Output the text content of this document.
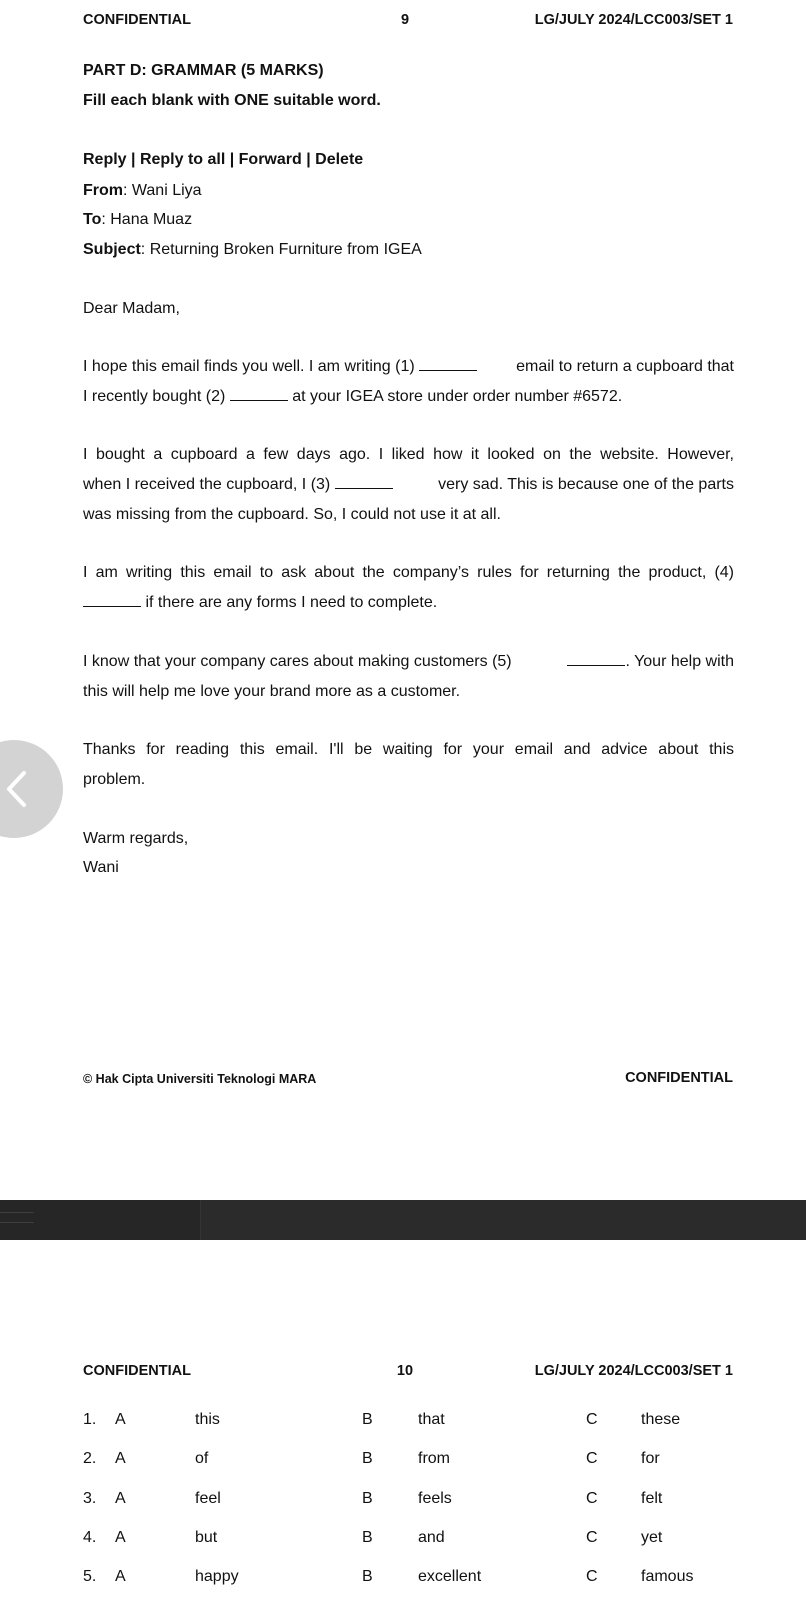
CONFIDENTIAL	9	LG/JULY 2024/LCC003/SET 1
PART D: GRAMMAR (5 MARKS)
Fill each blank with ONE suitable word.
Reply | Reply to all | Forward | Delete
From: Wani Liya
To: Hana Muaz
Subject: Returning Broken Furniture from IGEA
Dear Madam,
I hope this email finds you well. I am writing (1)	email to return a cupboard that
I recently bought (2)	at your IGEA store under order number #6572.
I bought a cupboard a few days ago. I liked how it looked on the website. However,
when I received the cupboard, I (3)	very sad. This is because one of the parts
was missing from the cupboard. So, I could not use it at all.
I am writing this email to ask about the company’s rules for returning the product, (4)
if there are any forms I need to complete.
I know that your company cares about making customers (5)	. Your help with
this will help me love your brand more as a customer.
Thanks for reading this email. I'll be waiting for your email and advice about this
problem.
Warm regards,
Wani
© Hak Cipta Universiti Teknologi MARA	CONFIDENTIAL
CONFIDENTIAL	10	LG/JULY 2024/LCC003/SET 1
1. A	this	B	that	C	these
2. A	of	B	from	C	for
3. A	feel	B	feels	C	felt
4. A	but	B	and	C	yet
5. A	happy	B	excellent	C	famous
